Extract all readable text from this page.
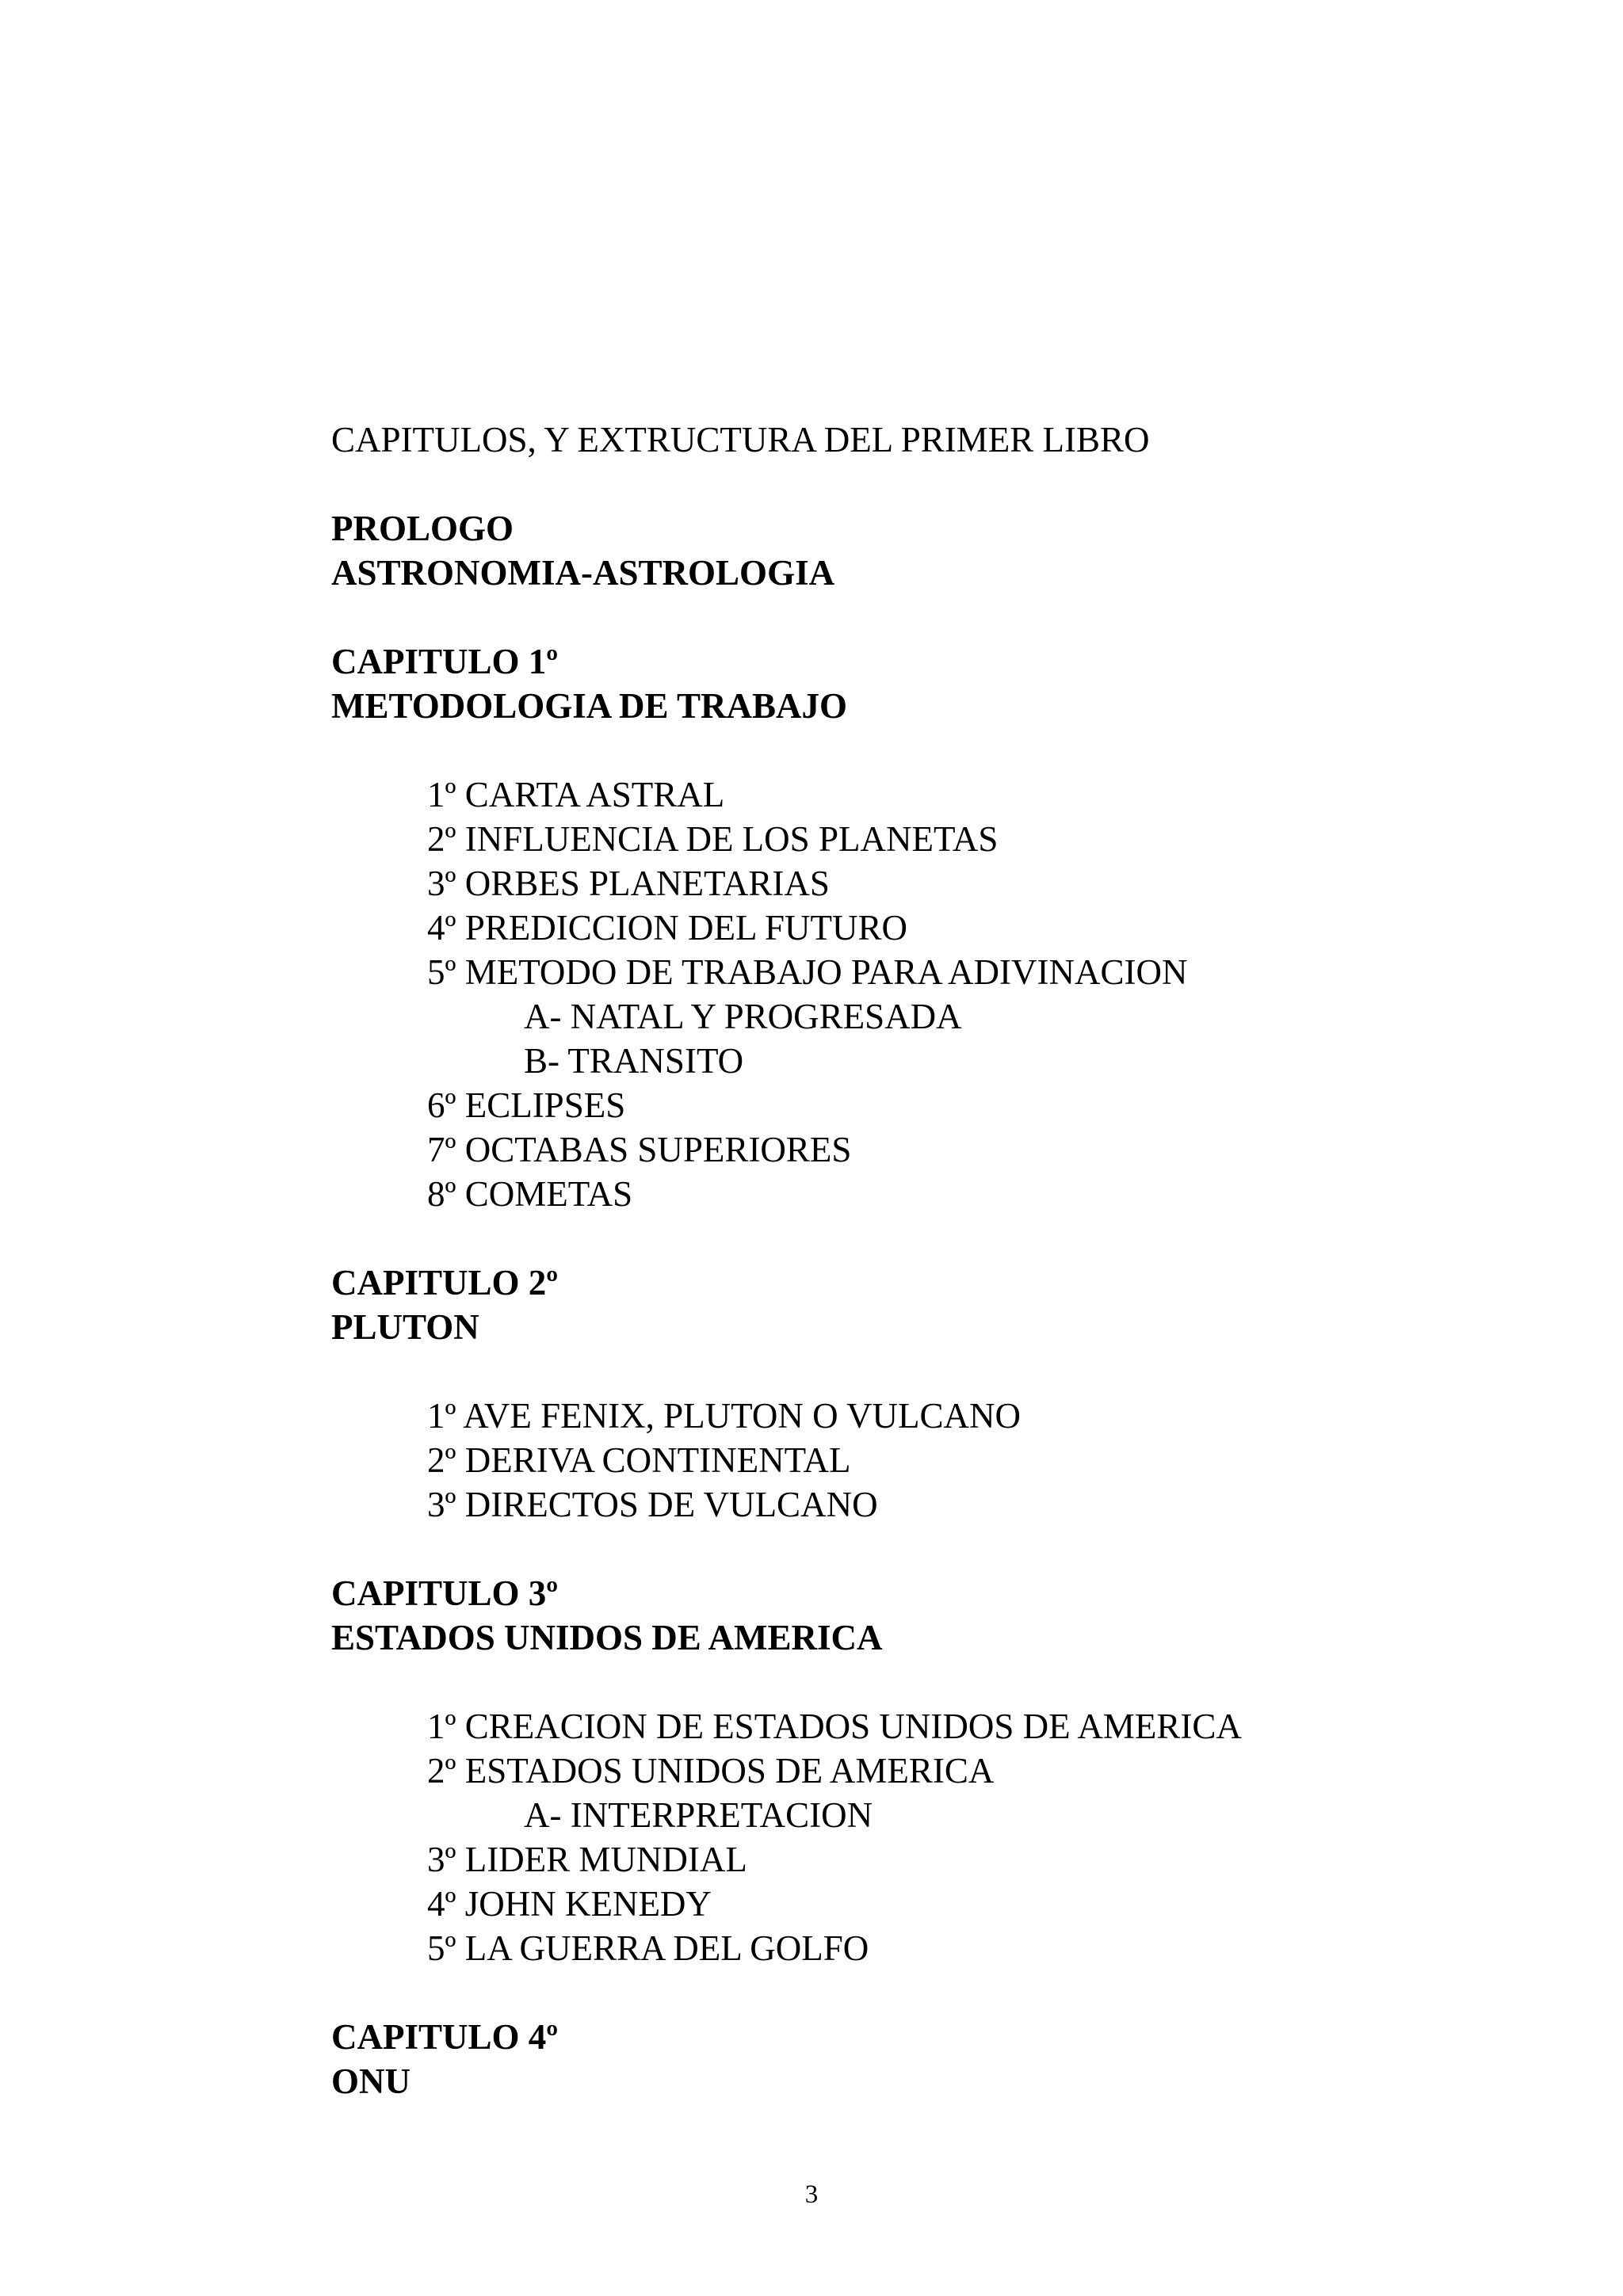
CAPITULOS, Y EXTRUCTURA DEL PRIMER LIBRO

PROLOGO

ASTRONOMIA-ASTROLOGIA

CAPITULO 1º

METODOLOGIA DE TRABAJO

1º CARTA ASTRAL

2º INFLUENCIA DE LOS PLANETAS

3º ORBES PLANETARIAS

4º PREDICCION DEL FUTURO

5º METODO DE TRABAJO PARA ADIVINACION

A- NATAL Y PROGRESADA

B- TRANSITO

6º ECLIPSES

7º OCTABAS SUPERIORES

8º COMETAS

CAPITULO 2º

PLUTON

1º AVE FENIX, PLUTON O VULCANO

2º DERIVA CONTINENTAL

3º DIRECTOS DE VULCANO

CAPITULO 3º

ESTADOS UNIDOS DE AMERICA

1º CREACION DE ESTADOS UNIDOS DE AMERICA

2º ESTADOS UNIDOS DE AMERICA

A- INTERPRETACION

3º LIDER MUNDIAL

4º JOHN KENEDY

5º LA GUERRA DEL GOLFO

CAPITULO 4º

ONU

3
